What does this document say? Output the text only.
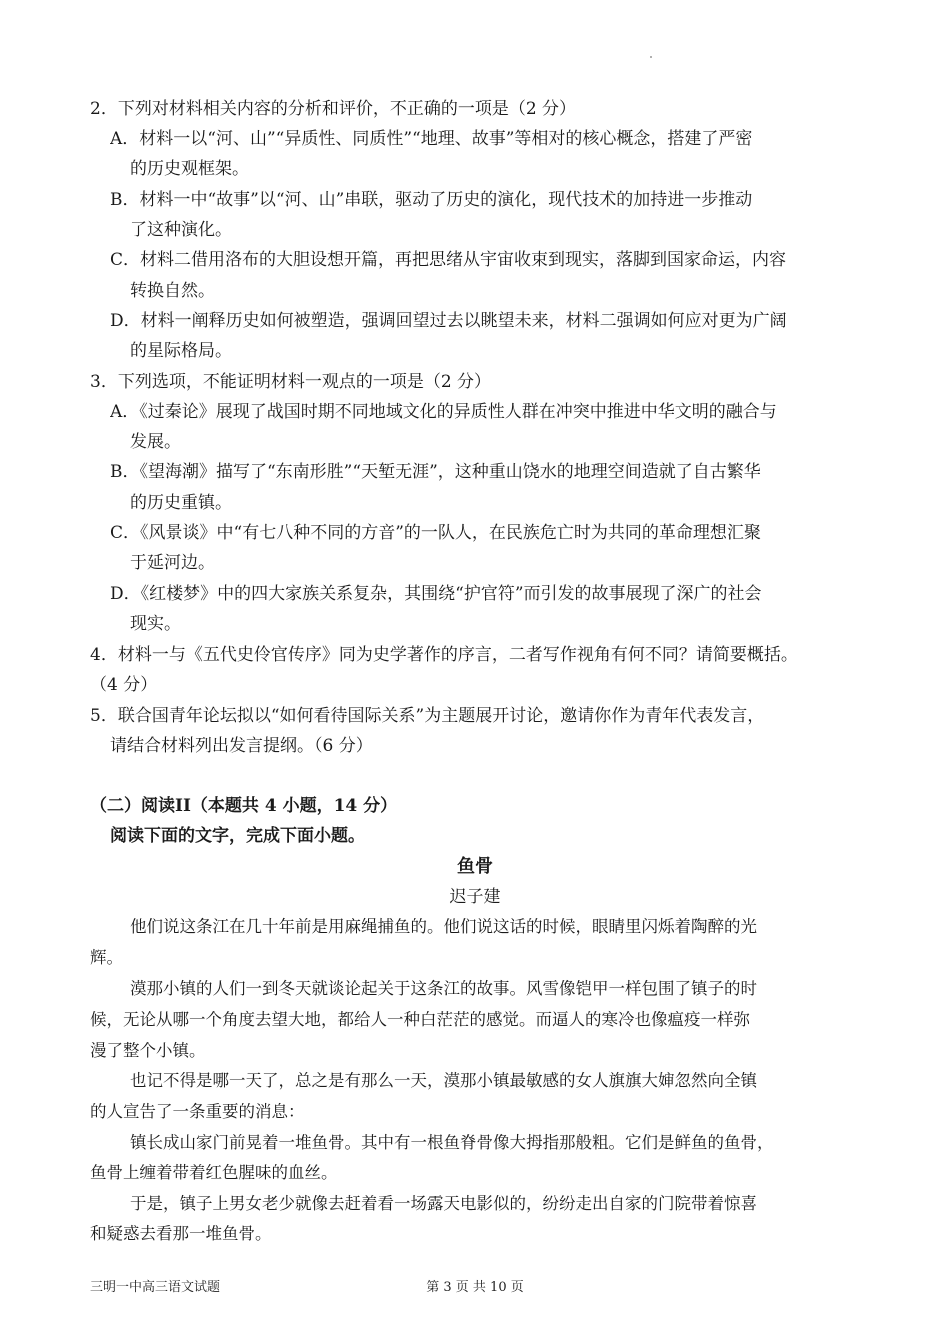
2．下列对材料相关内容的分析和评价，不正确的一项是（2 分）
A．材料一以“河、山”“异质性、同质性”“地理、故事”等相对的核心概念，搭建了严密
的历史观框架。
B．材料一中“故事”以“河、山”串联，驱动了历史的演化，现代技术的加持进一步推动
了这种演化。
C．材料二借用洛布的大胆设想开篇，再把思绪从宇宙收束到现实，落脚到国家命运，内容
转换自然。
D．材料一阐释历史如何被塑造，强调回望过去以眺望未来，材料二强调如何应对更为广阔
的星际格局。
3．下列选项，不能证明材料一观点的一项是（2 分）
A．《过秦论》展现了战国时期不同地域文化的异质性人群在冲突中推进中华文明的融合与
发展。
B．《望海潮》描写了“东南形胜”“天堑无涯”，这种重山饶水的地理空间造就了自古繁华
的历史重镇。
C．《风景谈》中“有七八种不同的方音”的一队人，在民族危亡时为共同的革命理想汇聚
于延河边。
D．《红楼梦》中的四大家族关系复杂，其围绕“护官符”而引发的故事展现了深广的社会
现实。
4．材料一与《五代史伶官传序》同为史学著作的序言，二者写作视角有何不同？请简要概括。
（4 分）
5．联合国青年论坛拟以“如何看待国际关系”为主题展开讨论，邀请你作为青年代表发言，
请结合材料列出发言提纲。（6 分）
（二）阅读II（本题共 4 小题，14 分）
阅读下面的文字，完成下面小题。
鱼骨
迟子建
他们说这条江在几十年前是用麻绳捕鱼的。他们说这话的时候，眼睛里闪烁着陶醉的光
辉。
漠那小镇的人们一到冬天就谈论起关于这条江的故事。风雪像铠甲一样包围了镇子的时
候，无论从哪一个角度去望大地，都给人一种白茫茫的感觉。而逼人的寒冷也像瘟疫一样弥
漫了整个小镇。
也记不得是哪一天了，总之是有那么一天，漠那小镇最敏感的女人旗旗大婶忽然向全镇
的人宣告了一条重要的消息：
镇长成山家门前晃着一堆鱼骨。其中有一根鱼脊骨像大拇指那般粗。它们是鲜鱼的鱼骨，
鱼骨上缠着带着红色腥味的血丝。
于是，镇子上男女老少就像去赶着看一场露天电影似的，纷纷走出自家的门院带着惊喜
和疑惑去看那一堆鱼骨。
三明一中高三语文试题	第 3 页 共 10 页
